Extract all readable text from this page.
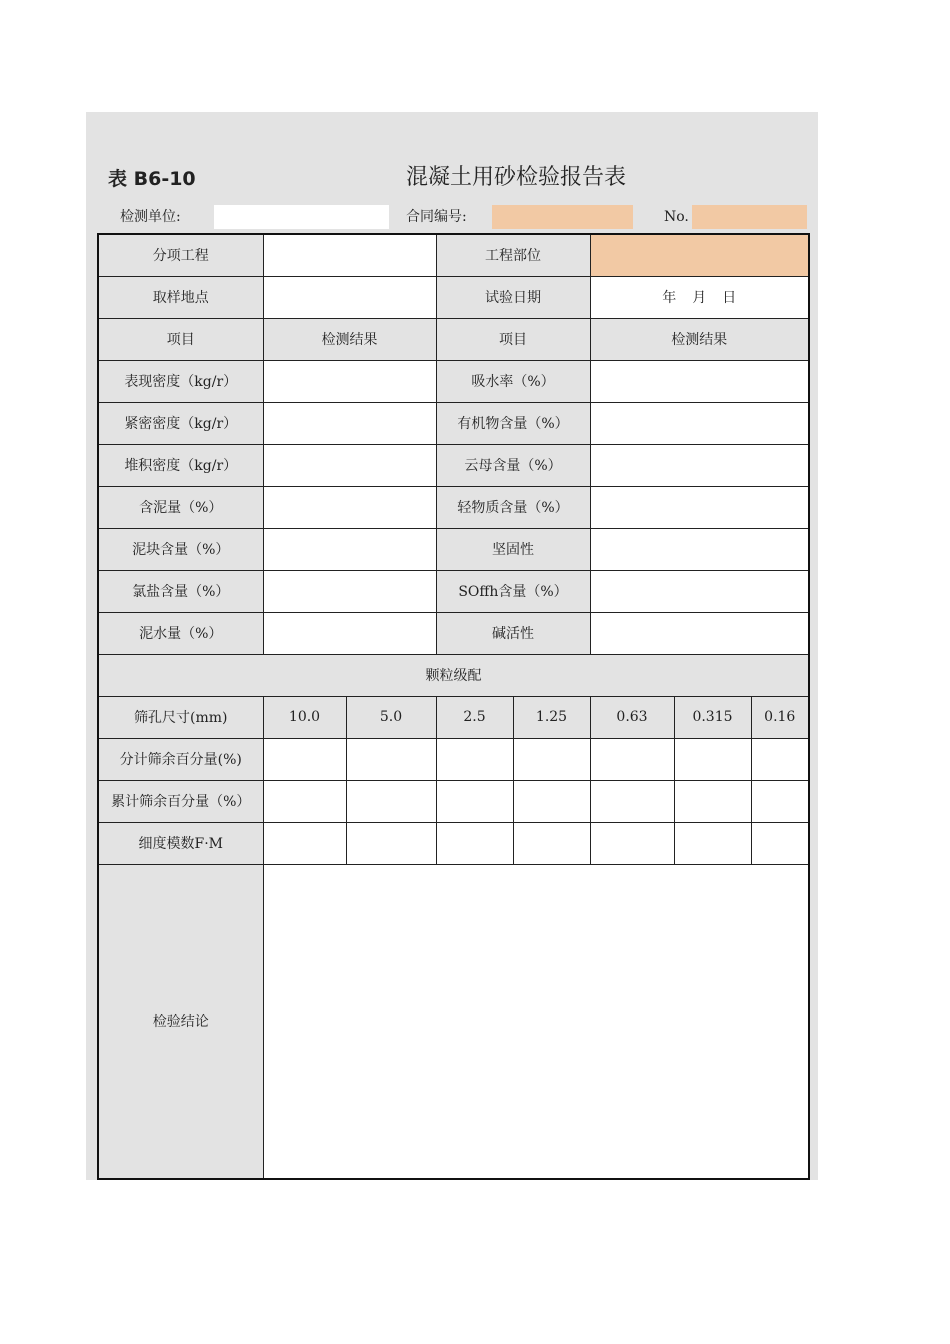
表 B6-10	混凝土用砂检验报告表
检测单位:	合同编号:	No.
分项工程			工程部位				
取样地点			试验日期		年 月 日		
项目	检测结果		项目		检测结果		
表现密度（kg/r）			吸水率（%）				
紧密密度（kg/r）			有机物含量（%）				
堆积密度（kg/r）			云母含量（%）				
含泥量（%）			轻物质含量（%）				
泥块含量（%）			坚固性				
氯盐含量（%）			SOffh含量（%）				
泥水量（%）			碱活性				
颗粒级配							
筛孔尺寸(mm)	10.0	5.0	2.5	1.25	0.63	0.315	0.16
分计筛余百分量(%)							
累计筛余百分量（%）							
细度模数F·M							
检验结论							
